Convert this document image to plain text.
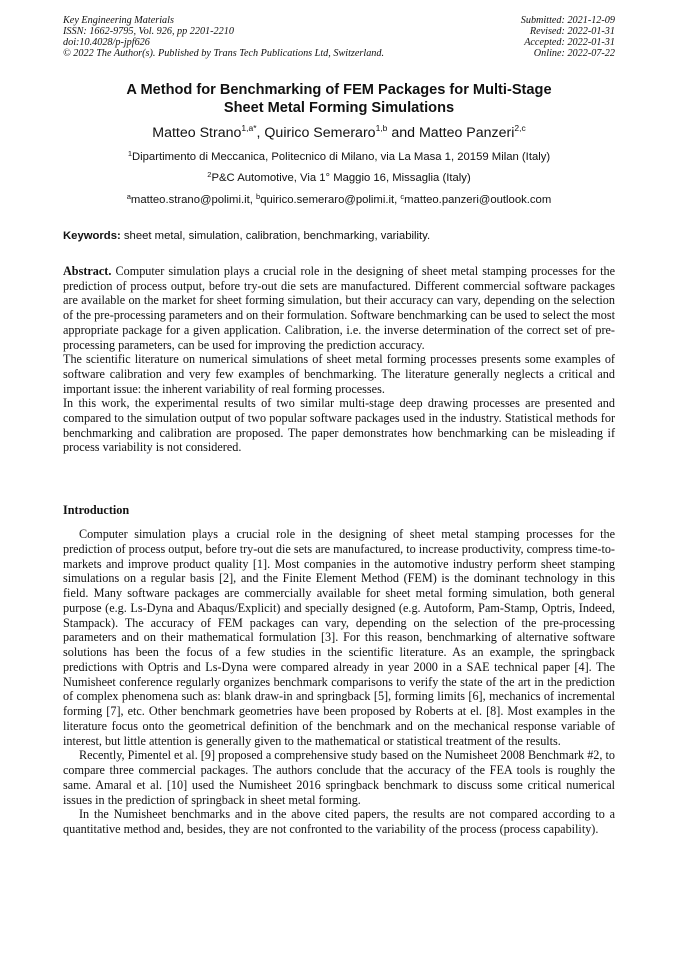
Key Engineering Materials
ISSN: 1662-9795, Vol. 926, pp 2201-2210
doi:10.4028/p-jpf626
© 2022 The Author(s). Published by Trans Tech Publications Ltd, Switzerland.
Submitted: 2021-12-09
Revised: 2022-01-31
Accepted: 2022-01-31
Online: 2022-07-22
A Method for Benchmarking of FEM Packages for Multi-Stage
Sheet Metal Forming Simulations
Matteo Strano$^{1,a*}$, Quirico Semeraro$^{1,b}$ and Matteo Panzeri$^{2,c}$
$^1$Dipartimento di Meccanica, Politecnico di Milano, via La Masa 1, 20159 Milan (Italy)
$^2$P&C Automotive, Via 1° Maggio 16, Missaglia (Italy)
$^a$matteo.strano@polimi.it, $^b$quirico.semeraro@polimi.it, $^c$matteo.panzeri@outlook.com
Keywords: sheet metal, simulation, calibration, benchmarking, variability.

Abstract. Computer simulation plays a crucial role in the designing of sheet metal stamping processes for the prediction of process output, before try-out die sets are manufactured. Different commercial software packages are available on the market for sheet forming simulation, but their accuracy can vary, depending on the selection of the pre-processing parameters and on their formulation. Software benchmarking can be used to select the most appropriate package for a given application. Calibration, i.e. the inverse determination of the correct set of pre-processing parameters, can be used for improving the prediction accuracy.

The scientific literature on numerical simulations of sheet metal forming processes presents some examples of software calibration and very few examples of benchmarking. The literature generally neglects a critical and important issue: the inherent variability of real forming processes.

In this work, the experimental results of two similar multi-stage deep drawing processes are presented and compared to the simulation output of two popular software packages used in the industry. Statistical methods for benchmarking and calibration are proposed. The paper demonstrates how benchmarking can be misleading if process variability is not considered.

Introduction

Computer simulation plays a crucial role in the designing of sheet metal stamping processes for the prediction of process output, before try-out die sets are manufactured, to increase productivity, compress time-to-markets and improve product quality [1]. Most companies in the automotive industry perform sheet stamping simulations on a regular basis [2], and the Finite Element Method (FEM) is the dominant technology in this field. Many software packages are commercially available for sheet metal forming simulation, both general purpose (e.g. Ls-Dyna and Abaqus/Explicit) and specially designed (e.g. Autoform, Pam-Stamp, Optris, Indeed, Stampack). The accuracy of FEM packages can vary, depending on the selection of the pre-processing parameters and on their mathematical formulation [3]. For this reason, benchmarking of alternative software solutions has been the focus of a few studies in the scientific literature. As an example, the springback predictions with Optris and Ls-Dyna were compared already in year 2000 in a SAE technical paper [4]. The Numisheet conference regularly organizes benchmark comparisons to verify the state of the art in the prediction of complex phenomena such as: blank draw-in and springback [5], forming limits [6], mechanics of incremental forming [7], etc. Other benchmark geometries have been proposed by Roberts at el. [8]. Most examples in the literature focus onto the geometrical definition of the benchmark and on the mechanical response variable of interest, but little attention is generally given to the mathematical or statistical treatment of the results.

Recently, Pimentel et al. [9] proposed a comprehensive study based on the Numisheet 2008 Benchmark #2, to compare three commercial packages. The authors conclude that the accuracy of the FEA tools is roughly the same. Amaral et al. [10] used the Numisheet 2016 springback benchmark to discuss some critical numerical issues in the prediction of springback in sheet metal forming.

In the Numisheet benchmarks and in the above cited papers, the results are not compared according to a quantitative method and, besides, they are not confronted to the variability of the process (process capability).
